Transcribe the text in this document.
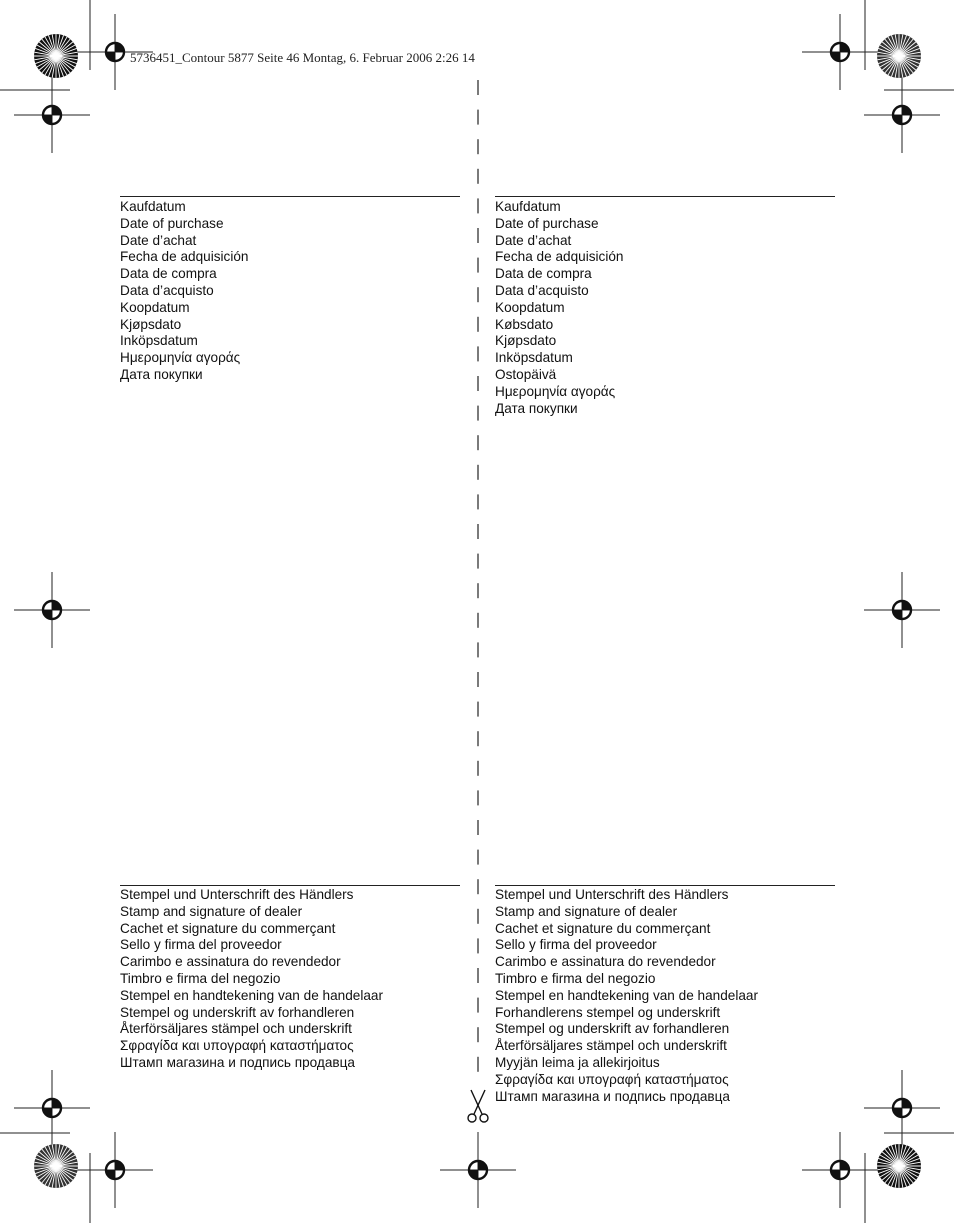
5736451_Contour 5877 Seite 46 Montag, 6. Februar 2006 2:26 14
Kaufdatum
Date of purchase
Date d’achat
Fecha de adquisición
Data de compra
Data d’acquisto
Koopdatum
Kjøpsdato
Inköpsdatum
Ημερομηνία αγοράς
Дата покупки
Stempel und Unterschrift des Händlers
Stamp and signature of dealer
Cachet et signature du commerçant
Sello y firma del proveedor
Carimbo e assinatura do revendedor
Timbro e firma del negozio
Stempel en handtekening van de handelaar
Stempel og underskrift av forhandleren
Återförsäljares stämpel och underskrift
Σφραγίδα και υπογραφή καταστήματος
Штамп магазина и подпись продавца
Kaufdatum
Date of purchase
Date d’achat
Fecha de adquisición
Data de compra
Data d’acquisto
Koopdatum
Købsdato
Kjøpsdato
Inköpsdatum
Ostopäivä
Ημερομηνία αγοράς
Дата покупки
Stempel und Unterschrift des Händlers
Stamp and signature of dealer
Cachet et signature du commerçant
Sello y firma del proveedor
Carimbo e assinatura do revendedor
Timbro e firma del negozio
Stempel en handtekening van de handelaar
Forhandlerens stempel og underskrift
Stempel og underskrift av forhandleren
Återförsäljares stämpel och underskrift
Myyjän leima ja allekirjoitus
Σφραγίδα και υπογραφή καταστήματος
Штамп магазина и подпись продавца
